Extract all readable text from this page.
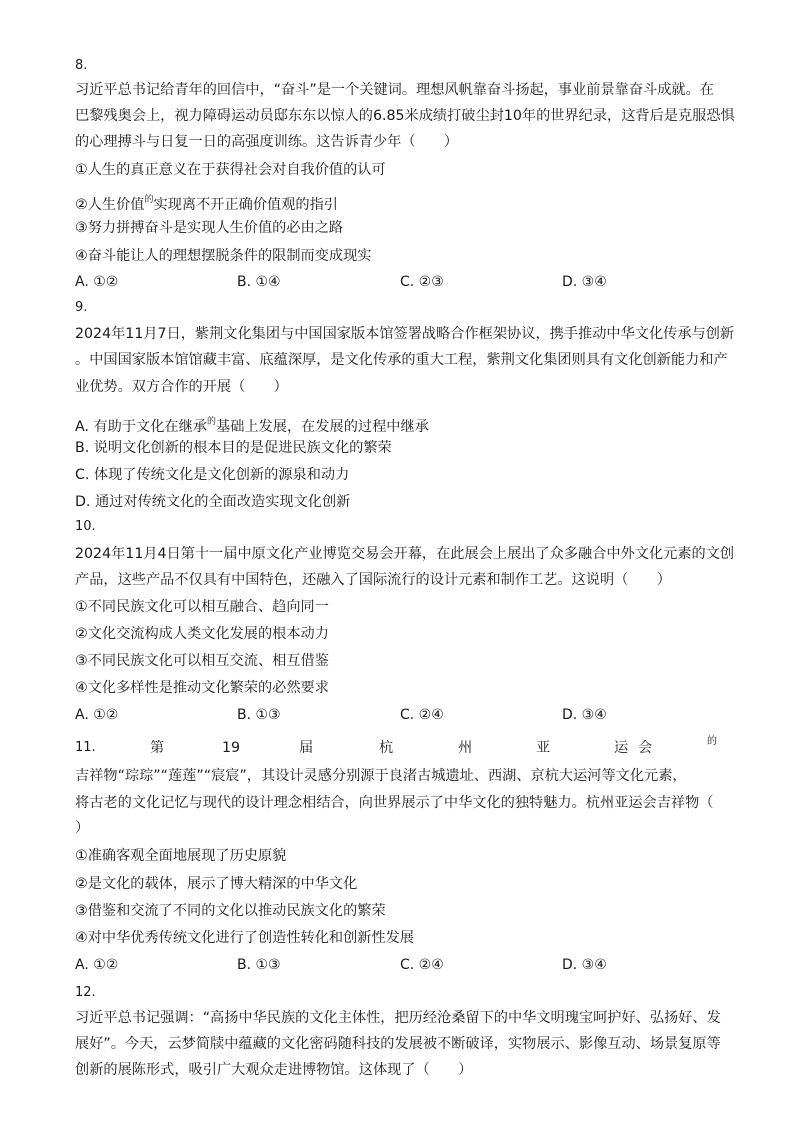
8.
习近平总书记给青年的回信中，“奋斗”是一个关键词。理想风帆靠奋斗扬起，事业前景靠奋斗成就。在
巴黎残奥会上，视力障碍运动员邸东东以惊人的6.85米成绩打破尘封10年的世界纪录，这背后是克服恐惧
的心理搏斗与日复一日的高强度训练。这告诉青少年（　　）
①人生的真正意义在于获得社会对自我价值的认可
②人生价值$^的$实现离不开正确价值观的指引
③努力拼搏奋斗是实现人生价值的必由之路
④奋斗能让人的理想摆脱条件的限制而变成现实
A. ①②	B. ①④	C. ②③	D. ③④
9.
2024年11月7日，紫荆文化集团与中国国家版本馆签署战略合作框架协议，携手推动中华文化传承与创新
。中国国家版本馆馆藏丰富、底蕴深厚，是文化传承的重大工程，紫荆文化集团则具有文化创新能力和产
业优势。双方合作的开展（　　）
A. 有助于文化在继承$^的$基础上发展，在发展的过程中继承
B. 说明文化创新的根本目的是促进民族文化的繁荣
C. 体现了传统文化是文化创新的源泉和动力
D. 通过对传统文化的全面改造实现文化创新
10.
2024年11月4日第十一届中原文化产业博览交易会开幕，在此展会上展出了众多融合中外文化元素的文创
产品，这些产品不仅具有中国特色，还融入了国际流行的设计元素和制作工艺。这说明（　　）
①不同民族文化可以相互融合、趋向同一
②文化交流构成人类文化发展的根本动力
③不同民族文化可以相互交流、相互借鉴
④文化多样性是推动文化繁荣的必然要求
A. ①②	B. ①③	C. ②④	D. ③④
11.	第	19	届	杭	州	亚	运 会	的
吉祥物“琮琮”“莲莲”“宸宸”，其设计灵感分别源于良渚古城遗址、西湖、京杭大运河等文化元素，
将古老的文化记忆与现代的设计理念相结合，向世界展示了中华文化的独特魅力。杭州亚运会吉祥物（
）
①准确客观全面地展现了历史原貌
②是文化的载体，展示了博大精深的中华文化
③借鉴和交流了不同的文化以推动民族文化的繁荣
④对中华优秀传统文化进行了创造性转化和创新性发展
A. ①②	B. ①③	C. ②④	D. ③④
12.
习近平总书记强调：“高扬中华民族的文化主体性，把历经沧桑留下的中华文明瑰宝呵护好、弘扬好、发
展好”。今天，云梦简牍中蕴藏的文化密码随科技的发展被不断破译，实物展示、影像互动、场景复原等
创新的展陈形式，吸引广大观众走进博物馆。这体现了（　　）
